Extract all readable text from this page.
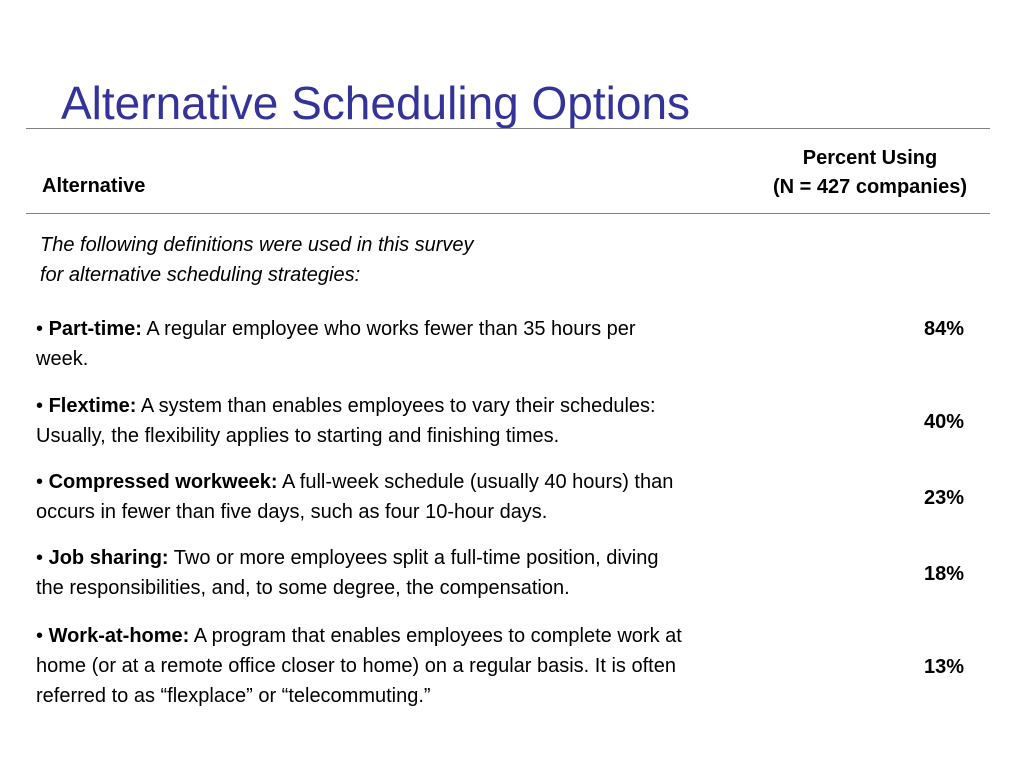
Alternative Scheduling Options
Alternative
Percent Using
(N = 427 companies)
The following definitions were used in this survey
for alternative scheduling strategies:
• Part-time: A regular employee who works fewer than 35 hours per
week.
84%
• Flextime: A system than enables employees to vary their schedules:
Usually, the flexibility applies to starting and finishing times.
40%
• Compressed workweek: A full-week schedule (usually 40 hours) than
occurs in fewer than five days, such as four 10-hour days.
23%
• Job sharing: Two or more employees split a full-time position, diving
the responsibilities, and, to some degree, the compensation.
18%
• Work-at-home: A program that enables employees to complete work at
home (or at a remote office closer to home) on a regular basis. It is often
referred to as “flexplace” or “telecommuting.”
13%
